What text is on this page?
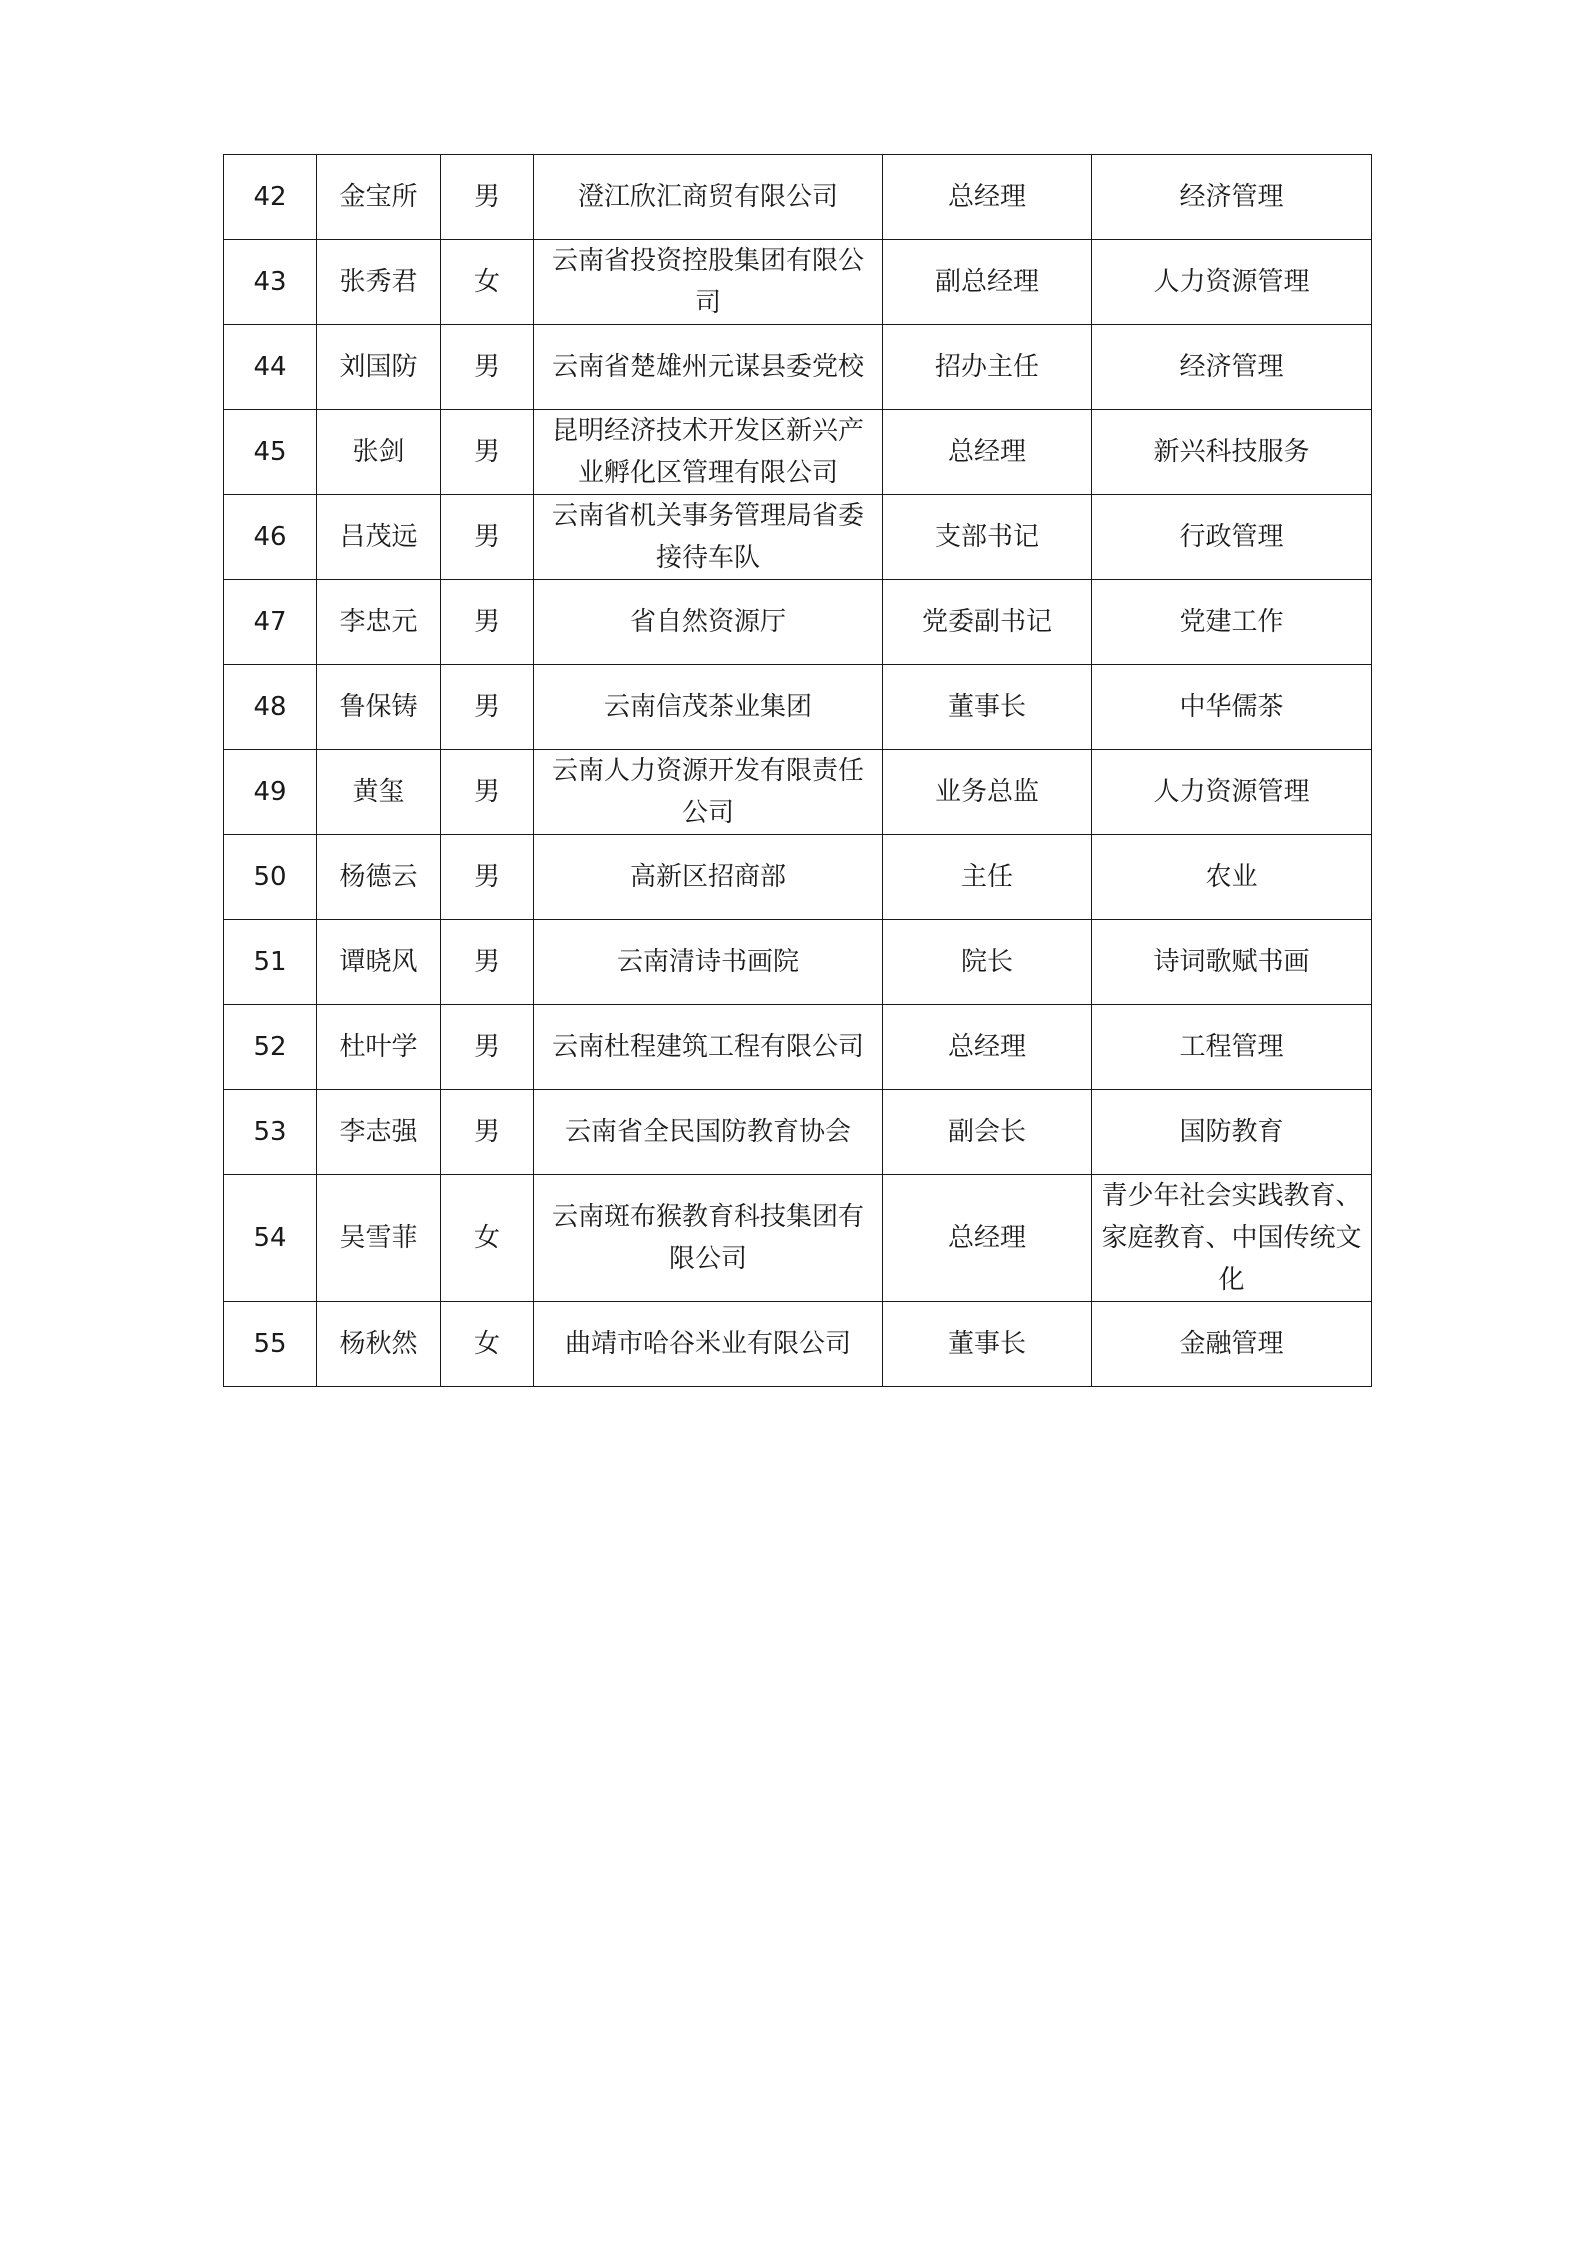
42	金宝所	男	澄江欣汇商贸有限公司	总经理	经济管理
43	张秀君	女	云南省投资控股集团有限公司	副总经理	人力资源管理
44	刘国防	男	云南省楚雄州元谋县委党校	招办主任	经济管理
45	张剑	男	昆明经济技术开发区新兴产业孵化区管理有限公司	总经理	新兴科技服务
46	吕茂远	男	云南省机关事务管理局省委接待车队	支部书记	行政管理
47	李忠元	男	省自然资源厅	党委副书记	党建工作
48	鲁保铸	男	云南信茂茶业集团	董事长	中华儒茶
49	黄玺	男	云南人力资源开发有限责任公司	业务总监	人力资源管理
50	杨德云	男	高新区招商部	主任	农业
51	谭晓风	男	云南清诗书画院	院长	诗词歌赋书画
52	杜叶学	男	云南杜程建筑工程有限公司	总经理	工程管理
53	李志强	男	云南省全民国防教育协会	副会长	国防教育
54	吴雪菲	女	云南斑布猴教育科技集团有限公司	总经理	青少年社会实践教育、家庭教育、中国传统文化
55	杨秋然	女	曲靖市哈谷米业有限公司	董事长	金融管理
